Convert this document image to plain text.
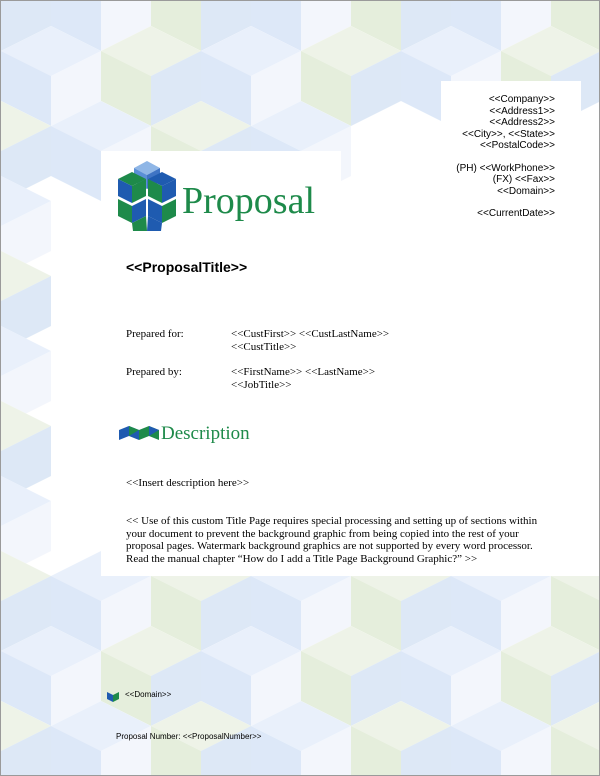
<<Company>>
<<Address1>>
<<Address2>>
<<City>>, <<State>>
<<PostalCode>>
(PH) <<WorkPhone>>
(FX) <<Fax>>
<<Domain>>
<<CurrentDate>>
Proposal
<<ProposalTitle>>
Prepared for:	<<CustFirst>> <<CustLastName>>
<<CustTitle>>
Prepared by:	<<FirstName>> <<LastName>>
<<JobTitle>>
Description
<<Insert description here>>
<< Use of this custom Title Page requires special processing and setting up of sections within
your document to prevent the background graphic from being copied into the rest of your
proposal pages. Watermark background graphics are not supported by every word processor.
Read the manual chapter “How do I add a Title Page Background Graphic?” >>
<<Domain>>
Proposal Number: <<ProposalNumber>>
